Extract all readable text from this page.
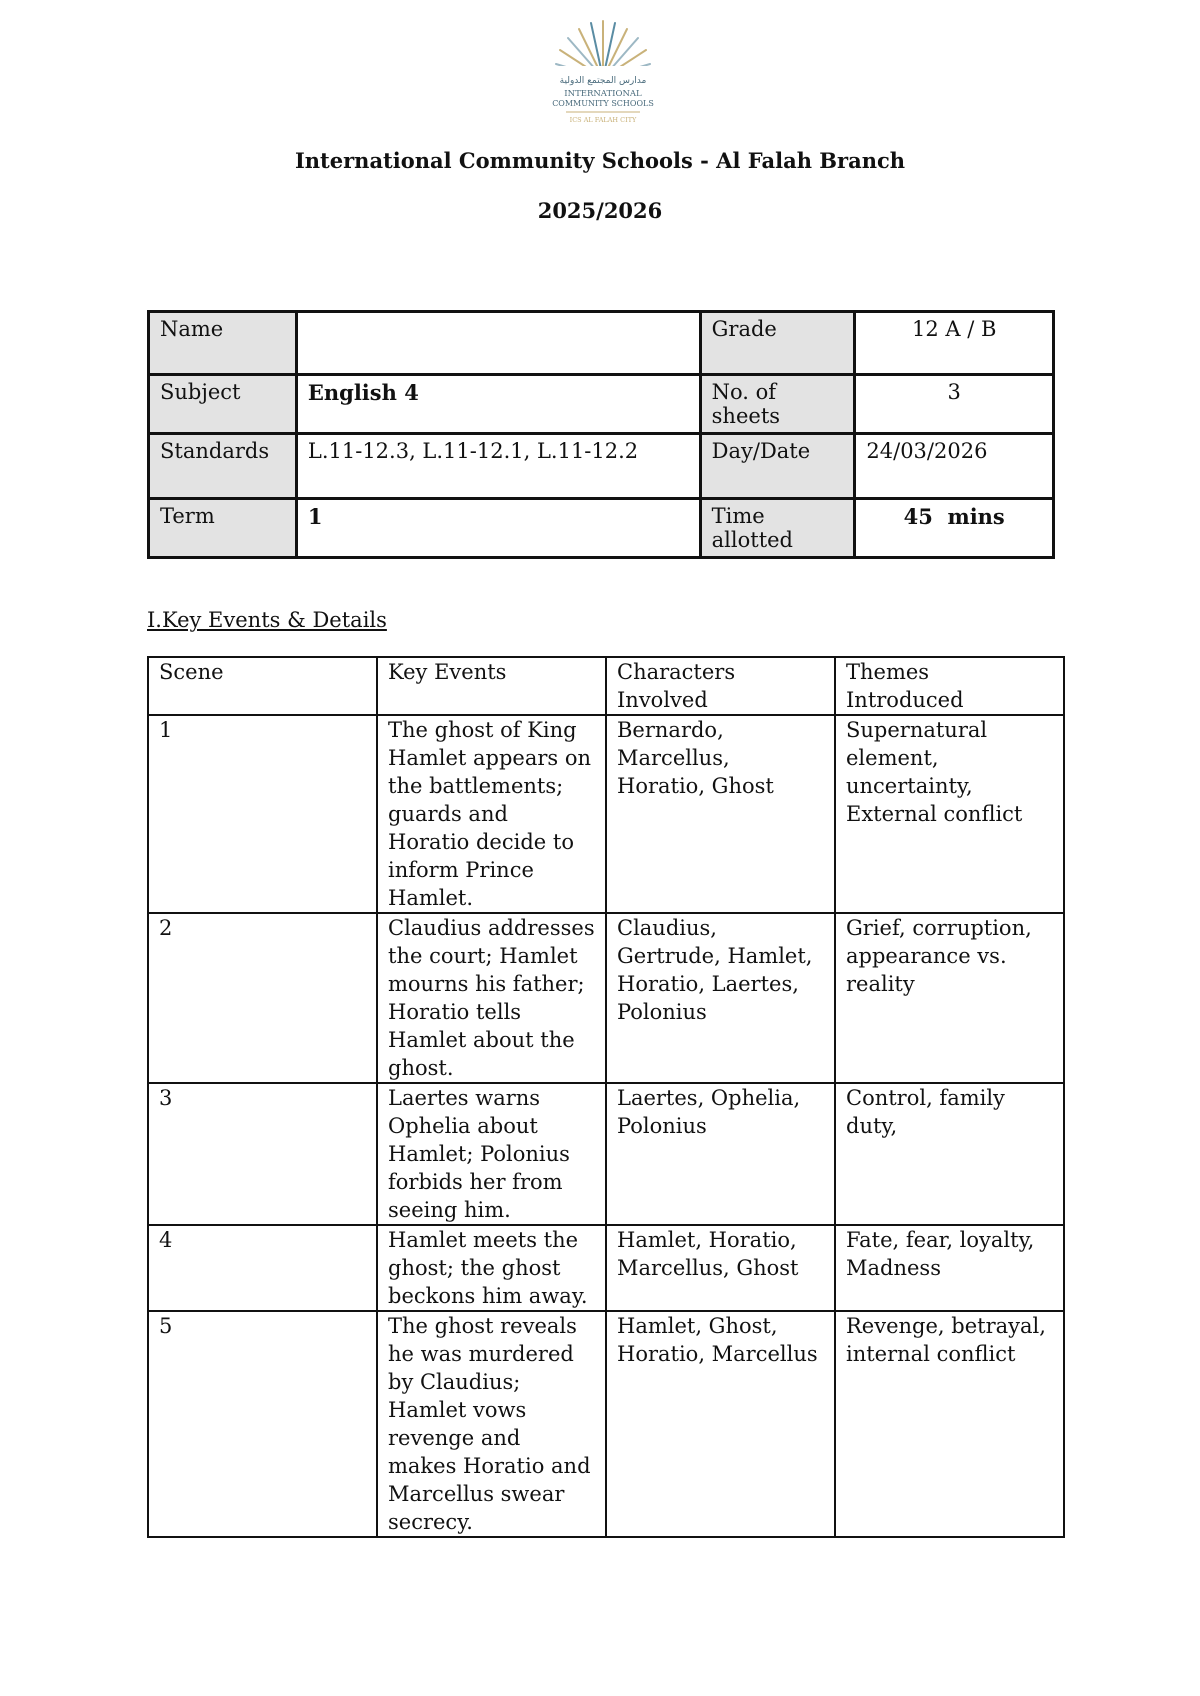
مدارس المجتمع الدولية
INTERNATIONAL
COMMUNITY SCHOOLS
ICS AL FALAH CITY
International Community Schools - Al Falah Branch
2025/2026
Name		Grade	12 A / B
Subject	English 4	No. of sheets	3
Standards	L.11-12.3, L.11-12.1, L.11-12.2	Day/Date	24/03/2026
Term	1	Time allotted	45  mins
I.Key Events & Details
Scene	Key Events	Characters Involved	Themes Introduced
1	The ghost of King Hamlet appears on the battlements; guards and Horatio decide to inform Prince Hamlet.	Bernardo, Marcellus, Horatio, Ghost	Supernatural element, uncertainty, External conflict
2	Claudius addresses the court; Hamlet mourns his father; Horatio tells Hamlet about the ghost.	Claudius, Gertrude, Hamlet, Horatio, Laertes, Polonius	Grief, corruption, appearance vs. reality
3	Laertes warns Ophelia about Hamlet; Polonius forbids her from seeing him.	Laertes, Ophelia, Polonius	Control, family duty,
4	Hamlet meets the ghost; the ghost beckons him away.	Hamlet, Horatio, Marcellus, Ghost	Fate, fear, loyalty, Madness
5	The ghost reveals he was murdered by Claudius; Hamlet vows revenge and makes Horatio and Marcellus swear secrecy.	Hamlet, Ghost, Horatio, Marcellus	Revenge, betrayal, internal conflict
